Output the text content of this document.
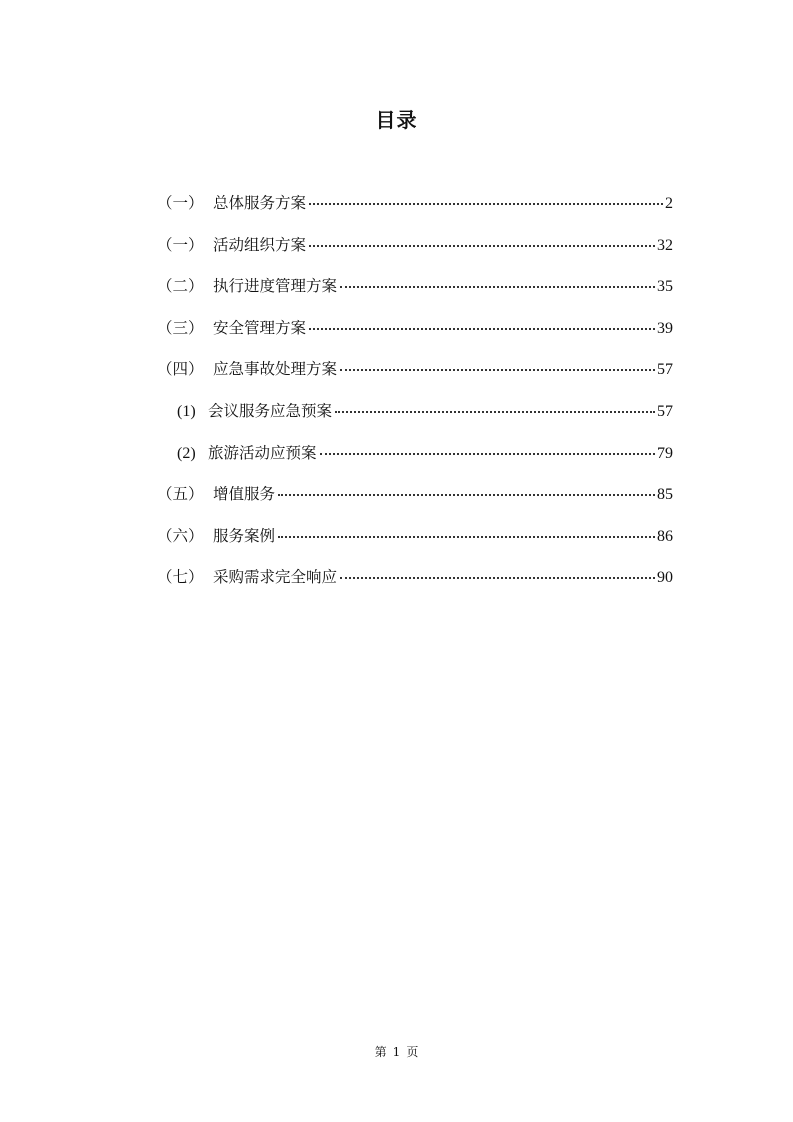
目录
（一） 总体服务方案	2
（一） 活动组织方案	32
（二） 执行进度管理方案	35
（三） 安全管理方案	39
（四） 应急事故处理方案	57
(1) 会议服务应急预案	57
(2) 旅游活动应预案	79
（五） 增值服务	85
（六） 服务案例	86
（七） 采购需求完全响应	90
第 1 页
